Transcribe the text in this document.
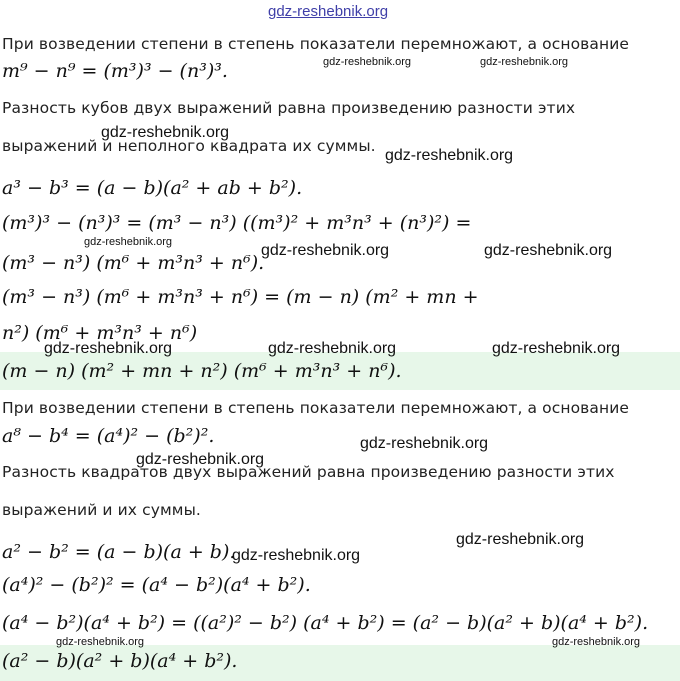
gdz-reshebnik.org
При возведении степени в степень показатели перемножают, а основание
m⁹ − n⁹ = (m³)³ − (n³)³.	gdz-reshebnik.org	gdz-reshebnik.org
Разность кубов двух выражений равна произведению разности этих
выражений и неполного квадрата их суммы.
gdz-reshebnik.org
gdz-reshebnik.org
a³ − b³ = (a − b)(a² + ab + b²).
(m³)³ − (n³)³ = (m³ − n³) ((m³)² + m³n³ + (n³)²) =
gdz-reshebnik.org
(m³ − n³) (m⁶ + m³n³ + n⁶).
gdz-reshebnik.org	gdz-reshebnik.org
(m³ − n³) (m⁶ + m³n³ + n⁶) = (m − n) (m² + mn +
n²) (m⁶ + m³n³ + n⁶)
gdz-reshebnik.org	gdz-reshebnik.org	gdz-reshebnik.org
(m − n) (m² + mn + n²) (m⁶ + m³n³ + n⁶).
При возведении степени в степень показатели перемножают, а основание
a⁸ − b⁴ = (a⁴)² − (b²)².	gdz-reshebnik.org
gdz-reshebnik.org
Разность квадратов двух выражений равна произведению разности этих
выражений и их суммы.
gdz-reshebnik.org
a² − b² = (a − b)(a + b).
gdz-reshebnik.org
(a⁴)² − (b²)² = (a⁴ − b²)(a⁴ + b²).
(a⁴ − b²)(a⁴ + b²) = ((a²)² − b²) (a⁴ + b²) = (a² − b)(a² + b)(a⁴ + b²).
gdz-reshebnik.org	gdz-reshebnik.org
(a² − b)(a² + b)(a⁴ + b²).
